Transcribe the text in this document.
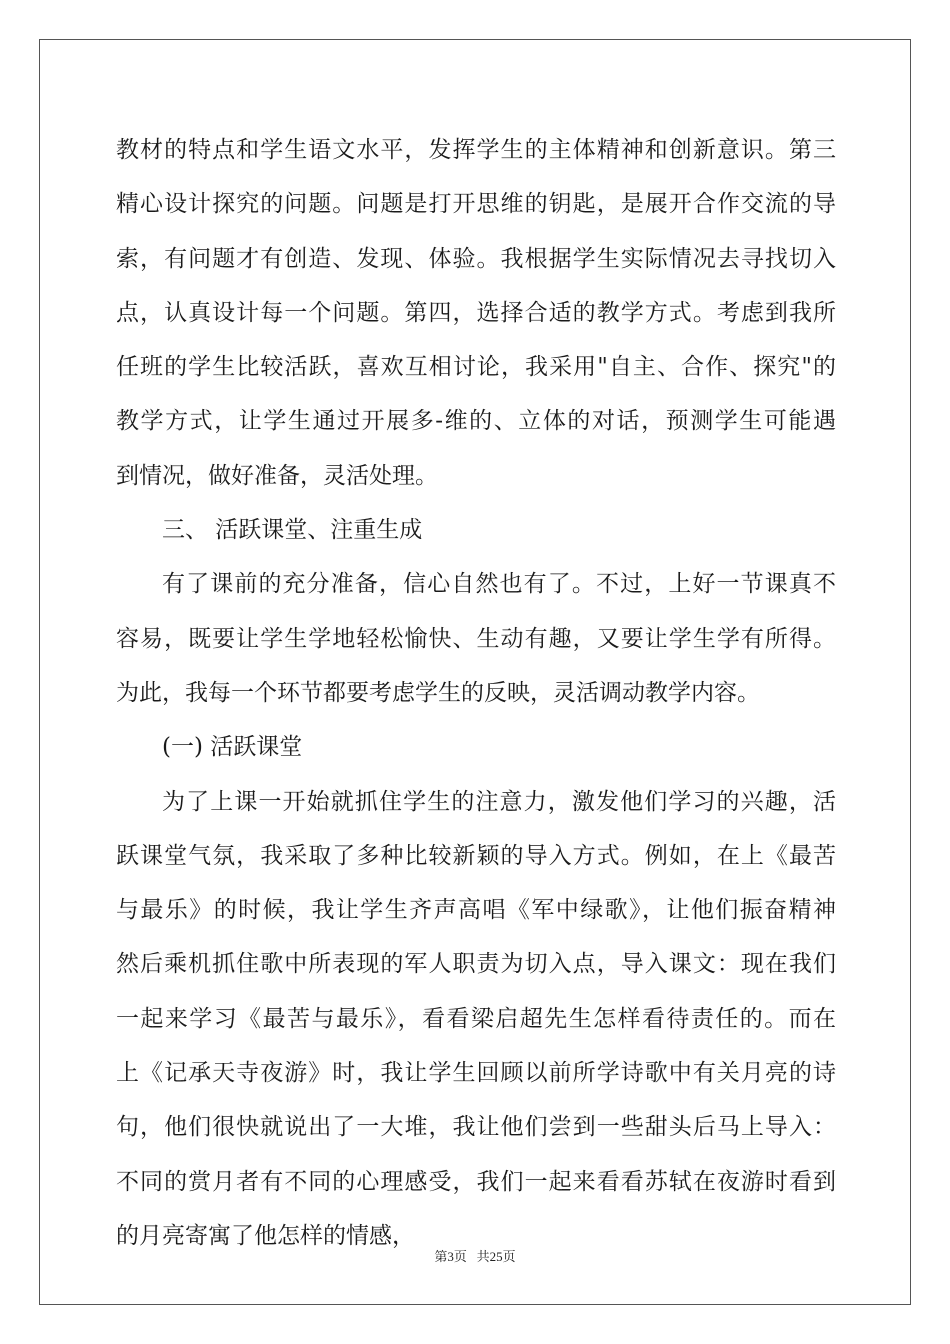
教材的特点和学生语文水平，发挥学生的主体精神和创新意识。第三
精心设计探究的问题。问题是打开思维的钥匙，是展开合作交流的导
索，有问题才有创造、发现、体验。我根据学生实际情况去寻找切入
点，认真设计每一个问题。第四，选择合适的教学方式。考虑到我所
任班的学生比较活跃，喜欢互相讨论，我采用"自主、合作、探究"的
教学方式，让学生通过开展多-维的、立体的对话，预测学生可能遇
到情况，做好准备，灵活处理。
三、 活跃课堂、注重生成
有了课前的充分准备，信心自然也有了。不过，上好一节课真不
容易，既要让学生学地轻松愉快、生动有趣，又要让学生学有所得。
为此，我每一个环节都要考虑学生的反映，灵活调动教学内容。
(一) 活跃课堂
为了上课一开始就抓住学生的注意力，激发他们学习的兴趣，活
跃课堂气氛，我采取了多种比较新颖的导入方式。例如，在上《最苦
与最乐》的时候，我让学生齐声高唱《军中绿歌》，让他们振奋精神
然后乘机抓住歌中所表现的军人职责为切入点，导入课文：现在我们
一起来学习《最苦与最乐》，看看梁启超先生怎样看待责任的。而在
上《记承天寺夜游》时，我让学生回顾以前所学诗歌中有关月亮的诗
句，他们很快就说出了一大堆，我让他们尝到一些甜头后马上导入：
不同的赏月者有不同的心理感受，我们一起来看看苏轼在夜游时看到
的月亮寄寓了他怎样的情感，
第3页 共25页
